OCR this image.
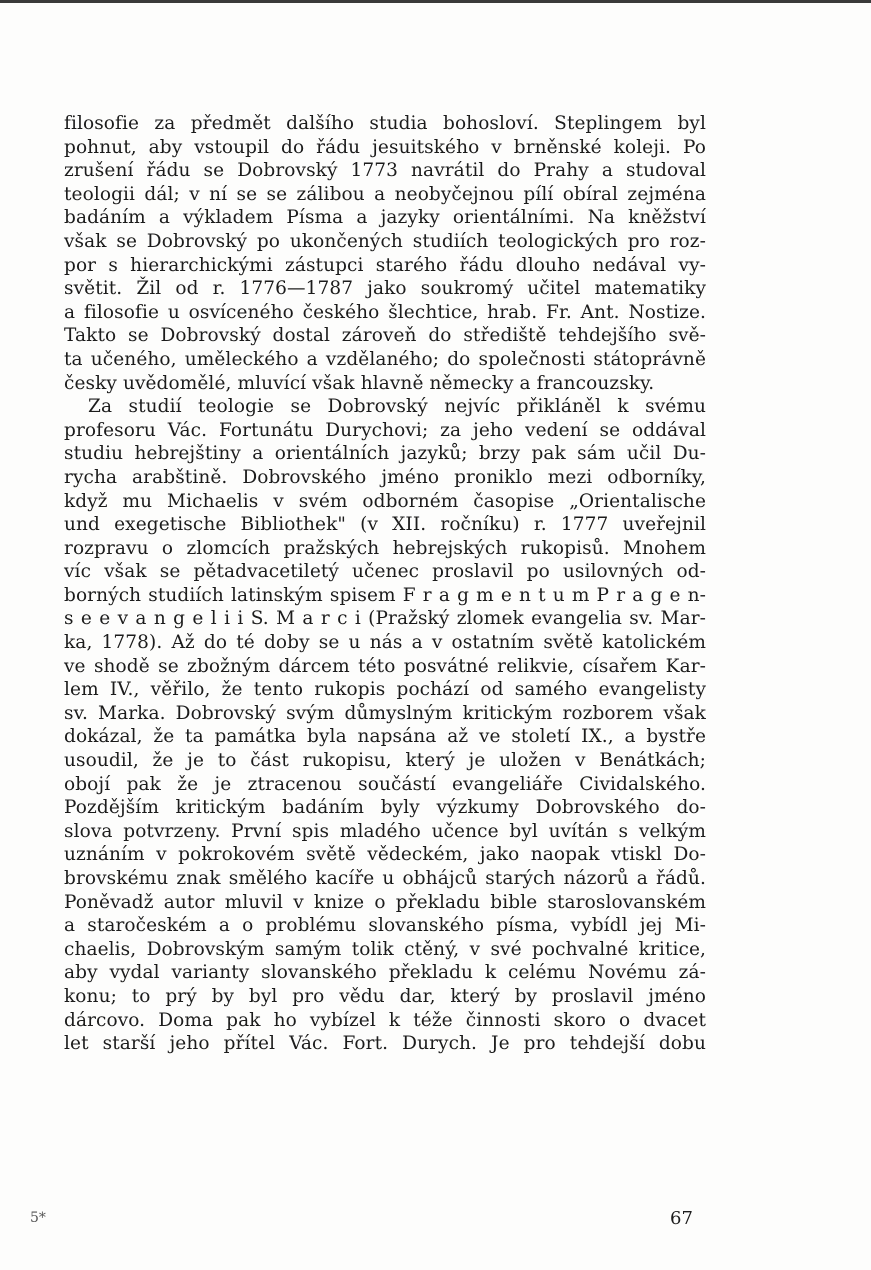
filosofie za předmět dalšího studia bohosloví. Steplingem byl
pohnut, aby vstoupil do řádu jesuitského v brněnské koleji. Po
zrušení řádu se Dobrovský 1773 navrátil do Prahy a studoval
teologii dál; v ní se se zálibou a neobyčejnou pílí obíral zejména
badáním a výkladem Písma a jazyky orientálními. Na kněžství
však se Dobrovský po ukončených studiích teologických pro roz-
por s hierarchickými zástupci starého řádu dlouho nedával vy-
světit. Žil od r. 1776—1787 jako soukromý učitel matematiky
a filosofie u osvíceného českého šlechtice, hrab. Fr. Ant. Nostize.
Takto se Dobrovský dostal zároveň do střediště tehdejšího svě-
ta učeného, uměleckého a vzdělaného; do společnosti státoprávně
česky uvědomělé, mluvící však hlavně německy a francouzsky.
Za studií teologie se Dobrovský nejvíc přikláněl k svému
profesoru Vác. Fortunátu Durychovi; za jeho vedení se oddával
studiu hebrejštiny a orientálních jazyků; brzy pak sám učil Du-
rycha arabštině. Dobrovského jméno proniklo mezi odborníky,
když mu Michaelis v svém odborném časopise „Orientalische
und exegetische Bibliothek" (v XII. ročníku) r. 1777 uveřejnil
rozpravu o zlomcích pražských hebrejských rukopisů. Mnohem
víc však se pětadvacetiletý učenec proslavil po usilovných od-
borných studiích latinským spisem F r a g m e n t u m P r a g e n-
s e e v a n g e l i i S. M a r c i (Pražský zlomek evangelia sv. Mar-
ka, 1778). Až do té doby se u nás a v ostatním světě katolickém
ve shodě se zbožným dárcem této posvátné relikvie, císařem Kar-
lem IV., věřilo, že tento rukopis pochází od samého evangelisty
sv. Marka. Dobrovský svým důmyslným kritickým rozborem však
dokázal, že ta památka byla napsána až ve století IX., a bystře
usoudil, že je to část rukopisu, který je uložen v Benátkách;
obojí pak že je ztracenou součástí evangeliáře Cividalského.
Pozdějším kritickým badáním byly výzkumy Dobrovského do-
slova potvrzeny. První spis mladého učence byl uvítán s velkým
uznáním v pokrokovém světě vědeckém, jako naopak vtiskl Do-
brovskému znak smělého kacíře u obhájců starých názorů a řádů.
Poněvadž autor mluvil v knize o překladu bible staroslovanském
a staročeském a o problému slovanského písma, vybídl jej Mi-
chaelis, Dobrovským samým tolik ctěný, v své pochvalné kritice,
aby vydal varianty slovanského překladu k celému Novému zá-
konu; to prý by byl pro vědu dar, který by proslavil jméno
dárcovo. Doma pak ho vybízel k téže činnosti skoro o dvacet
let starší jeho přítel Vác. Fort. Durych. Je pro tehdejší dobu
5*	67
